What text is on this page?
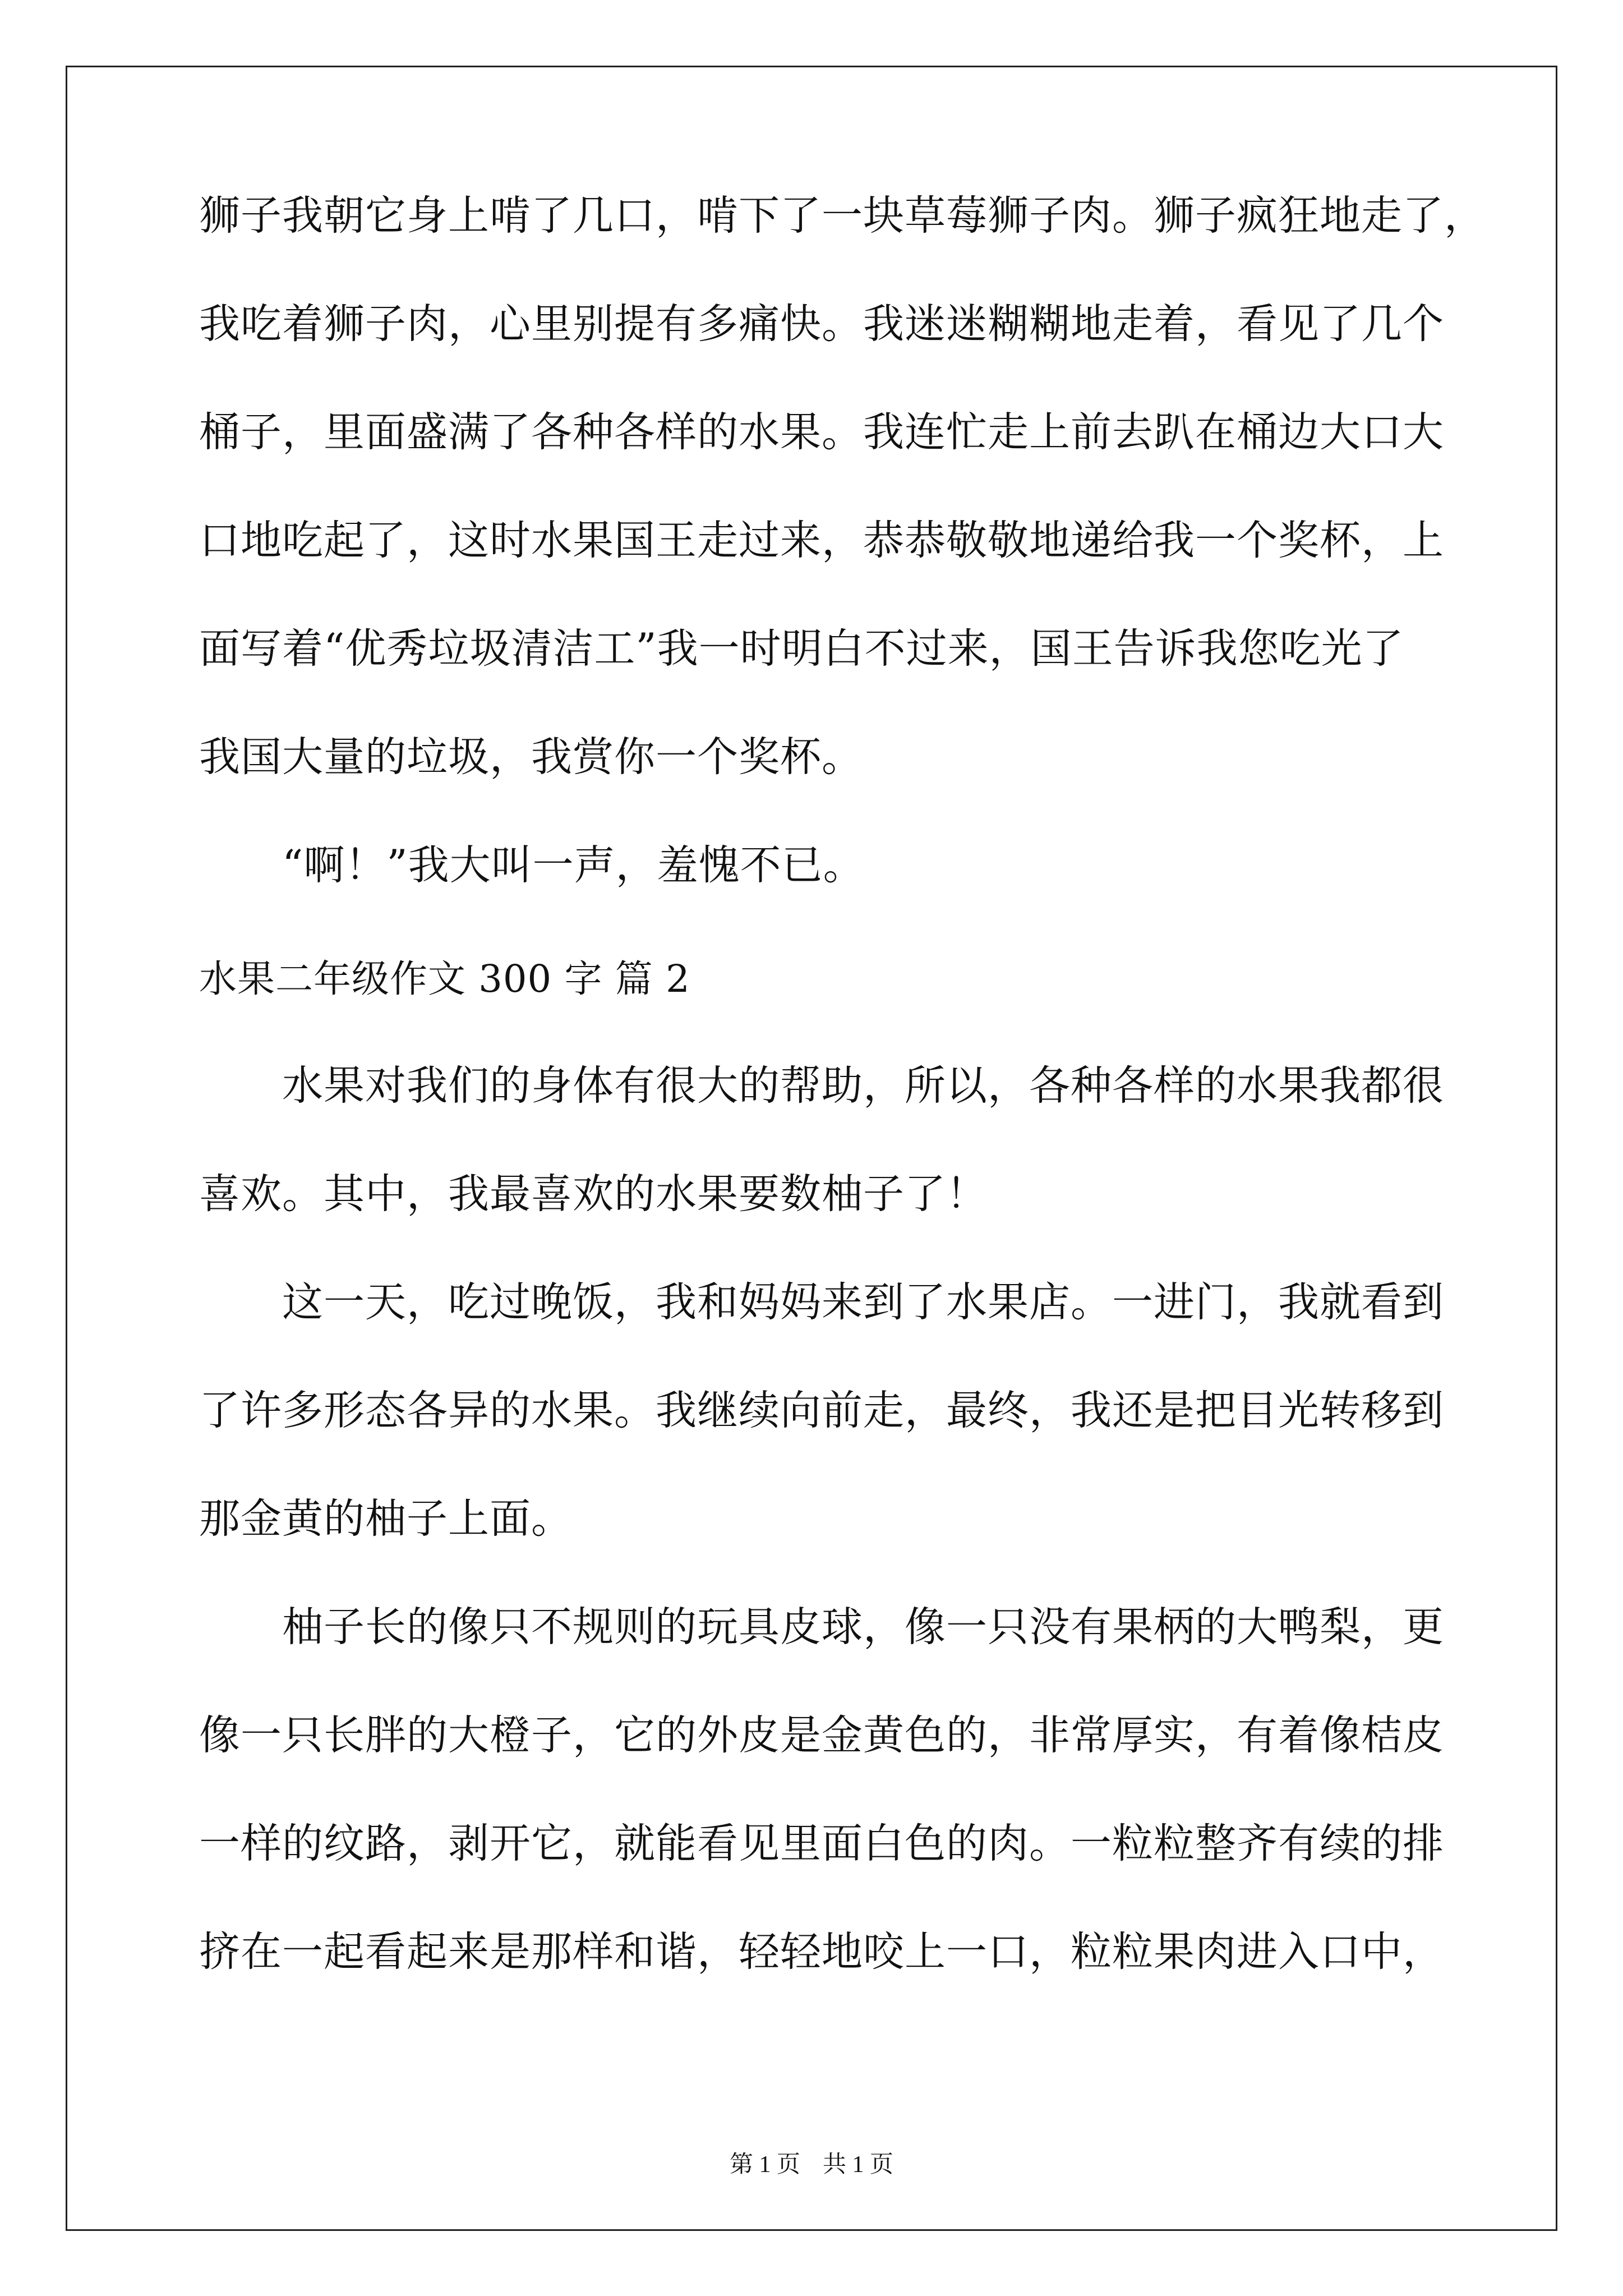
狮子我朝它身上啃了几口，啃下了一块草莓狮子肉。狮子疯狂地走了，
我吃着狮子肉，心里别提有多痛快。我迷迷糊糊地走着，看见了几个
桶子，里面盛满了各种各样的水果。我连忙走上前去趴在桶边大口大
口地吃起了，这时水果国王走过来，恭恭敬敬地递给我一个奖杯，上
面写着“优秀垃圾清洁工”我一时明白不过来，国王告诉我您吃光了
我国大量的垃圾，我赏你一个奖杯。
“啊！”我大叫一声，羞愧不已。
水果二年级作文 300 字 篇 2
水果对我们的身体有很大的帮助，所以，各种各样的水果我都很
喜欢。其中，我最喜欢的水果要数柚子了！
这一天，吃过晚饭，我和妈妈来到了水果店。一进门，我就看到
了许多形态各异的水果。我继续向前走，最终，我还是把目光转移到
那金黄的柚子上面。
柚子长的像只不规则的玩具皮球，像一只没有果柄的大鸭梨，更
像一只长胖的大橙子，它的外皮是金黄色的，非常厚实，有着像桔皮
一样的纹路，剥开它，就能看见里面白色的肉。一粒粒整齐有续的排
挤在一起看起来是那样和谐，轻轻地咬上一口，粒粒果肉进入口中，
第 1 页 共 1 页
